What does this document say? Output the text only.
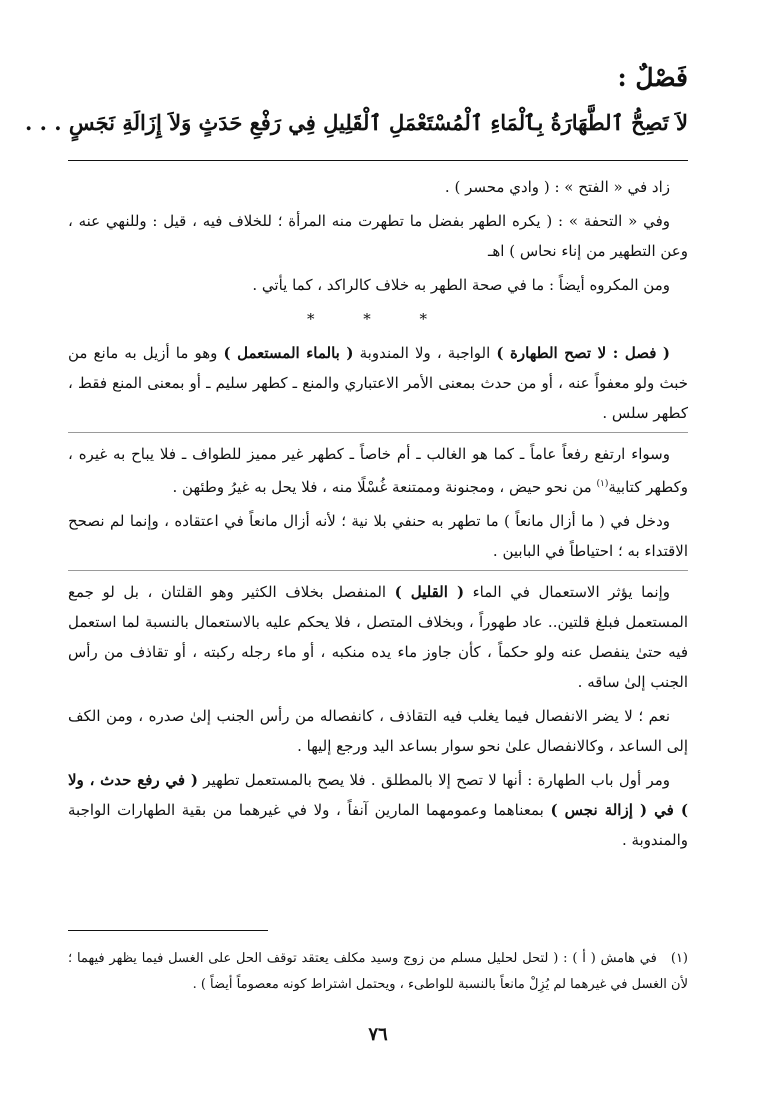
فَصْلٌ :
لاَ تَصِحُّ ٱلطَّهَارَةُ بِٱلْمَاءِ ٱلْمُسْتَعْمَلِ ٱلْقَلِيلِ فِي رَفْعِ حَدَثٍ وَلاَ إِزَالَةِ نَجَسٍ . . .

زاد في « الفتح » : ( وادي محسر ) .

وفي « التحفة » : ( يكره الطهر بفضل ما تطهرت منه المرأة ؛ للخلاف فيه ، قيل : وللنهي عنه ، وعن التطهير من إناء نحاس ) اهـ

ومن المكروه أيضاً : ما في صحة الطهر به خلاف كالراكد ، كما يأتي .

* * *

( فصل : لا تصح الطهارة ) الواجبة ، ولا المندوبة ( بالماء المستعمل ) وهو ما أزيل به مانع من خبث ولو معفواً عنه ، أو من حدث بمعنى الأمر الاعتباري والمنع ـ كطهر سليم ـ أو بمعنى المنع فقط ، كطهر سلس .

وسواء ارتفع رفعاً عاماً ـ كما هو الغالب ـ أم خاصاً ـ كطهر غير مميز للطواف ـ فلا يباح به غيره ، وكطهر كتابية$^{(١)}$ من نحو حيض ، ومجنونة وممتنعة غُسْلًا منه ، فلا يحل به غيرُ وطئهن .

ودخل في ( ما أزال مانعاً ) ما تطهر به حنفي بلا نية ؛ لأنه أزال مانعاً في اعتقاده ، وإنما لم نصحح الاقتداء به ؛ احتياطاً في البابين .

وإنما يؤثر الاستعمال في الماء ( القليل ) المنفصل بخلاف الكثير وهو القلتان ، بل لو جمع المستعمل فبلغ قلتين.. عاد طهوراً ، وبخلاف المتصل ، فلا يحكم عليه بالاستعمال بالنسبة لما استعمل فيه حتىٰ ينفصل عنه ولو حكماً ، كأن جاوز ماء يده منكبه ، أو ماء رجله ركبته ، أو تقاذف من رأس الجنب إلىٰ ساقه .

نعم ؛ لا يضر الانفصال فيما يغلب فيه التقاذف ، كانفصاله من رأس الجنب إلىٰ صدره ، ومن الكف إلى الساعد ، وكالانفصال علىٰ نحو سوار بساعد اليد ورجع إليها .

ومر أول باب الطهارة : أنها لا تصح إلا بالمطلق . فلا يصح بالمستعمل تطهير ( في رفع حدث ، ولا ) في ( إزالة نجس ) بمعناهما وعمومهما المارين آنفاً ، ولا في غيرهما من بقية الطهارات الواجبة والمندوبة .

(١)في هامش ( أ ) : ( لتحل لحليل مسلم من زوج وسيد مكلف يعتقد توقف الحل على الغسل فيما يظهر فيهما ؛ لأن الغسل في غيرهما لم يُزِلْ مانعاً بالنسبة للواطىء ، ويحتمل اشتراط كونه معصوماً أيضاً ) .
٧٦
